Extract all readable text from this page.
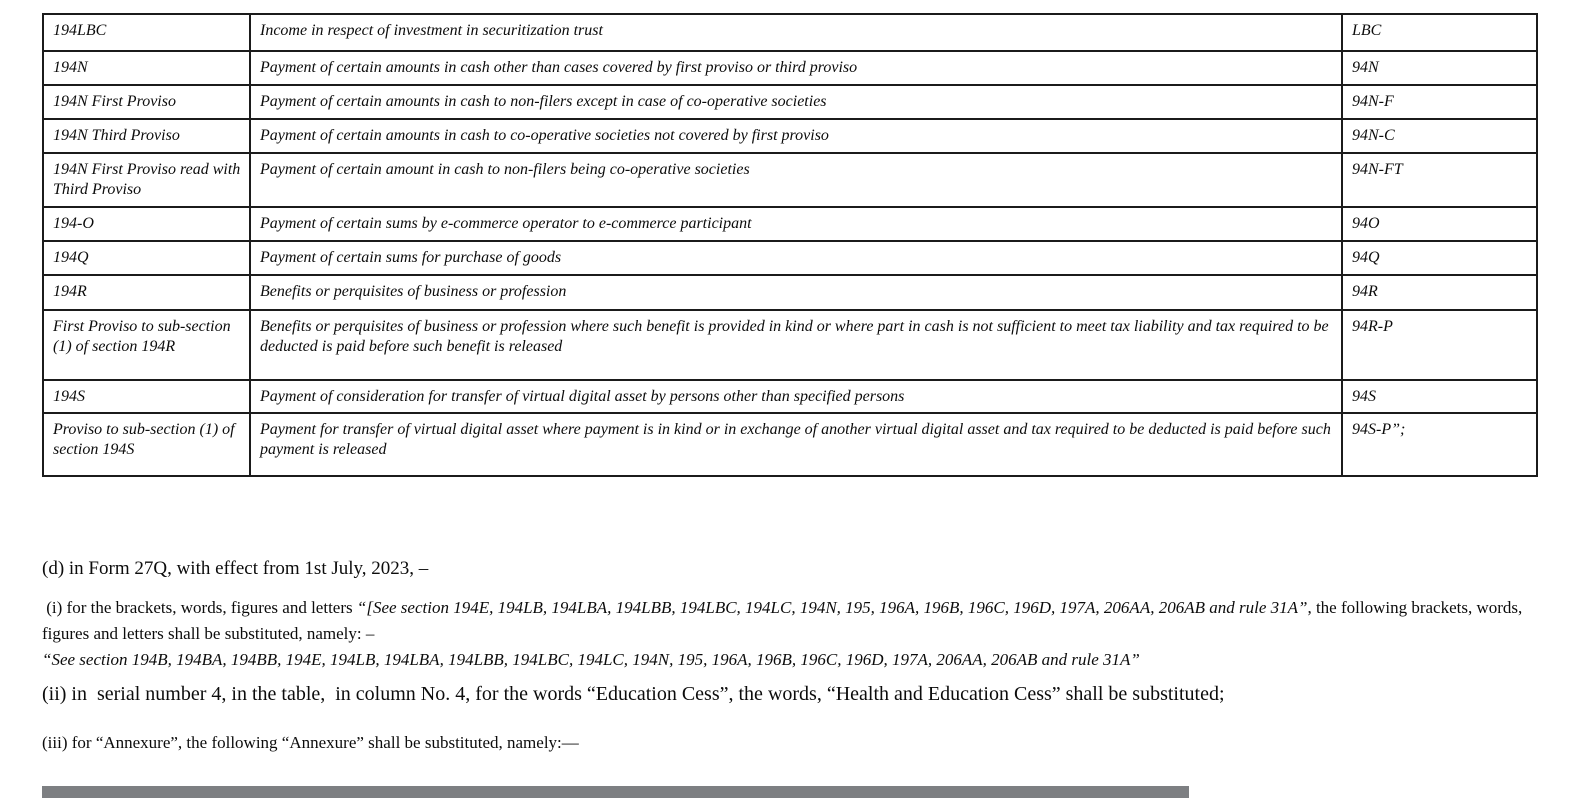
194LBC	Income in respect of investment in securitization trust	LBC
194N	Payment of certain amounts in cash other than cases covered by first proviso or third proviso	94N
194N First Proviso	Payment of certain amounts in cash to non-filers except in case of co-operative societies	94N-F
194N Third Proviso	Payment of certain amounts in cash to co-operative societies not covered by first proviso	94N-C
194N First Proviso read with Third Proviso	Payment of certain amount in cash to non-filers being co-operative societies	94N-FT
194-O	Payment of certain sums by e-commerce operator to e-commerce participant	94O
194Q	Payment of certain sums for purchase of goods	94Q
194R	Benefits or perquisites of business or profession	94R
First Proviso to sub-section (1) of section 194R	Benefits or perquisites of business or profession where such benefit is provided in kind or where part in cash is not sufficient to meet tax liability and tax required to be deducted is paid before such benefit is released	94R-P
194S	Payment of consideration for transfer of virtual digital asset by persons other than specified persons	94S
Proviso to sub-section (1) of section 194S	Payment for transfer of virtual digital asset where payment is in kind or in exchange of another virtual digital asset and tax required to be deducted is paid before such payment is released	94S-P”;

(d) in Form 27Q, with effect from 1st July, 2023, –

(i) for the brackets, words, figures and letters “[See section 194E, 194LB, 194LBA, 194LBB, 194LBC, 194LC, 194N, 195, 196A, 196B, 196C, 196D, 197A, 206AA, 206AB and rule 31A”, the following brackets, words, figures and letters shall be substituted, namely: –
“See section 194B, 194BA, 194BB, 194E, 194LB, 194LBA, 194LBB, 194LBC, 194LC, 194N, 195, 196A, 196B, 196C, 196D, 197A, 206AA, 206AB and rule 31A”

(ii) in  serial number 4, in the table,  in column No. 4, for the words “Education Cess”, the words, “Health and Education Cess” shall be substituted;

(iii) for “Annexure”, the following “Annexure” shall be substituted, namely:—
